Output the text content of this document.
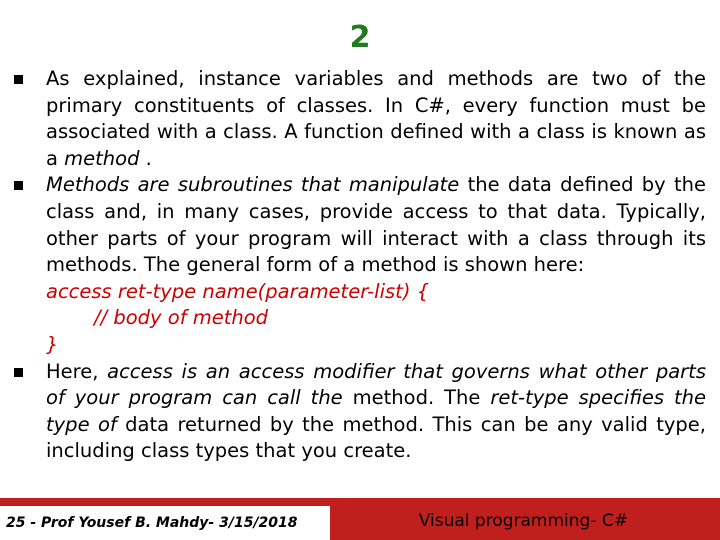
2
As explained, instance variables and methods are two of the primary constituents of classes. In C#, every function must be associated with a class. A function defined with a class is known as a method .
Methods are subroutines that manipulate the data defined by the class and, in many cases, provide access to that data. Typically, other parts of your program will interact with a class through its methods. The general form of a method is shown here:
access ret-type name(parameter-list) {
// body of method
}
Here, access is an access modifier that governs what other parts of your program can call the method. The ret-type specifies the type of data returned by the method. This can be any valid type, including class types that you create.
25 - Prof Yousef B. Mahdy- 3/15/2018	Visual programming- C#
